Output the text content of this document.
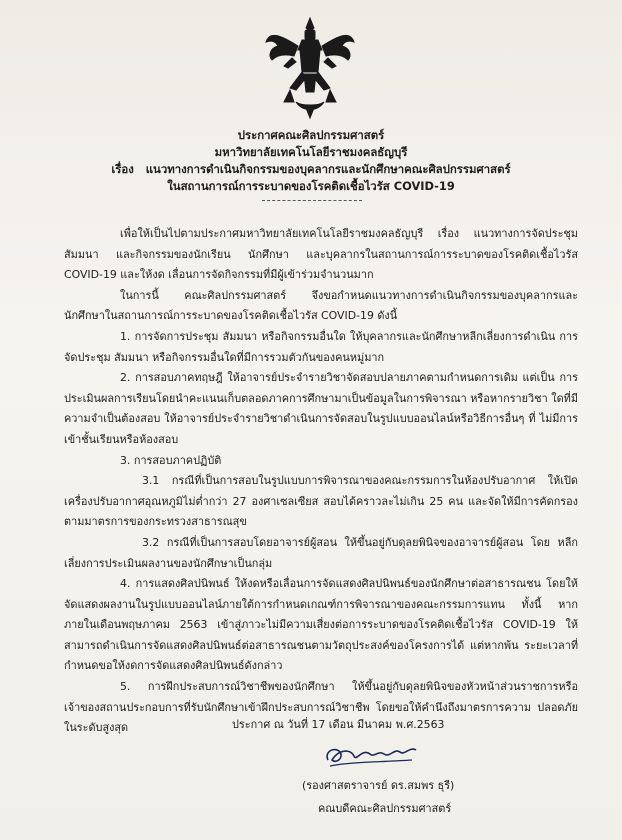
ประกาศคณะศิลปกรรมศาสตร์
มหาวิทยาลัยเทคโนโลยีราชมงคลธัญบุรี
เรื่อง แนวทางการดำเนินกิจกรรมของบุคลากรและนักศึกษาคณะศิลปกรรมศาสตร์
ในสถานการณ์การระบาดของโรคติดเชื้อไวรัส COVID-19

เพื่อให้เป็นไปตามประกาศมหาวิทยาลัยเทคโนโลยีราชมงคลธัญบุรี เรื่อง แนวทางการจัดประชุม สัมมนา และกิจกรรมของนักเรียน นักศึกษา และบุคลากรในสถานการณ์การระบาดของโรคติดเชื้อไวรัส COVID-19 และให้งด เลื่อนการจัดกิจกรรมที่มีผู้เข้าร่วมจำนวนมาก

ในการนี้ คณะศิลปกรรมศาสตร์ จึงขอกำหนดแนวทางการดำเนินกิจกรรมของบุคลากรและ นักศึกษาในสถานการณ์การระบาดของโรคติดเชื้อไวรัส COVID-19 ดังนี้

1. การจัดการประชุม สัมมนา หรือกิจกรรมอื่นใด ให้บุคลากรและนักศึกษาหลีกเลี่ยงการดำเนิน การจัดประชุม สัมมนา หรือกิจกรรมอื่นใดที่มีการรวมตัวกันของคนหมู่มาก

2. การสอบภาคทฤษฎี ให้อาจารย์ประจำรายวิชาจัดสอบปลายภาคตามกำหนดการเดิม แต่เป็น การประเมินผลการเรียนโดยนำคะแนนเก็บตลอดภาคการศึกษามาเป็นข้อมูลในการพิจารณา หรือหากรายวิชา ใดที่มีความจำเป็นต้องสอบ ให้อาจารย์ประจำรายวิชาดำเนินการจัดสอบในรูปแบบออนไลน์หรือวิธีการอื่นๆ ที่ ไม่มีการเข้าชั้นเรียนหรือห้องสอบ

3. การสอบภาคปฏิบัติ

3.1 กรณีที่เป็นการสอบในรูปแบบการพิจารณาของคณะกรรมการในห้องปรับอากาศ ให้เปิด เครื่องปรับอากาศอุณหภูมิไม่ต่ำกว่า 27 องศาเซลเซียส สอบได้คราวละไม่เกิน 25 คน และจัดให้มีการคัดกรอง ตามมาตรการของกระทรวงสาธารณสุข

3.2 กรณีที่เป็นการสอบโดยอาจารย์ผู้สอน ให้ขึ้นอยู่กับดุลยพินิจของอาจารย์ผู้สอน โดย หลีกเลี่ยงการประเมินผลงานของนักศึกษาเป็นกลุ่ม

4. การแสดงศิลปนิพนธ์ ให้งดหรือเลื่อนการจัดแสดงศิลปนิพนธ์ของนักศึกษาต่อสาธารณชน โดยให้จัดแสดงผลงานในรูปแบบออนไลน์ภายใต้การกำหนดเกณฑ์การพิจารณาของคณะกรรมการแทน ทั้งนี้ หากภายในเดือนพฤษภาคม 2563 เข้าสู่ภาวะไม่มีความเสี่ยงต่อการระบาดของโรคติดเชื้อไวรัส COVID-19 ให้สามารถดำเนินการจัดแสดงศิลปนิพนธ์ต่อสาธารณชนตามวัตถุประสงค์ของโครงการได้ แต่หากพ้น ระยะเวลาที่กำหนดขอให้งดการจัดแสดงศิลปนิพนธ์ดังกล่าว

5. การฝึกประสบการณ์วิชาชีพของนักศึกษา ให้ขึ้นอยู่กับดุลยพินิจของหัวหน้าส่วนราชการหรือ เจ้าของสถานประกอบการที่รับนักศึกษาเข้าฝึกประสบการณ์วิชาชีพ โดยขอให้คำนึงถึงมาตรการความ ปลอดภัยในระดับสูงสุด	ประกาศ ณ วันที่ 17 เดือน มีนาคม พ.ศ.2563
(รองศาสตราจารย์ ดร.สมพร ธุรี)
คณบดีคณะศิลปกรรมศาสตร์
